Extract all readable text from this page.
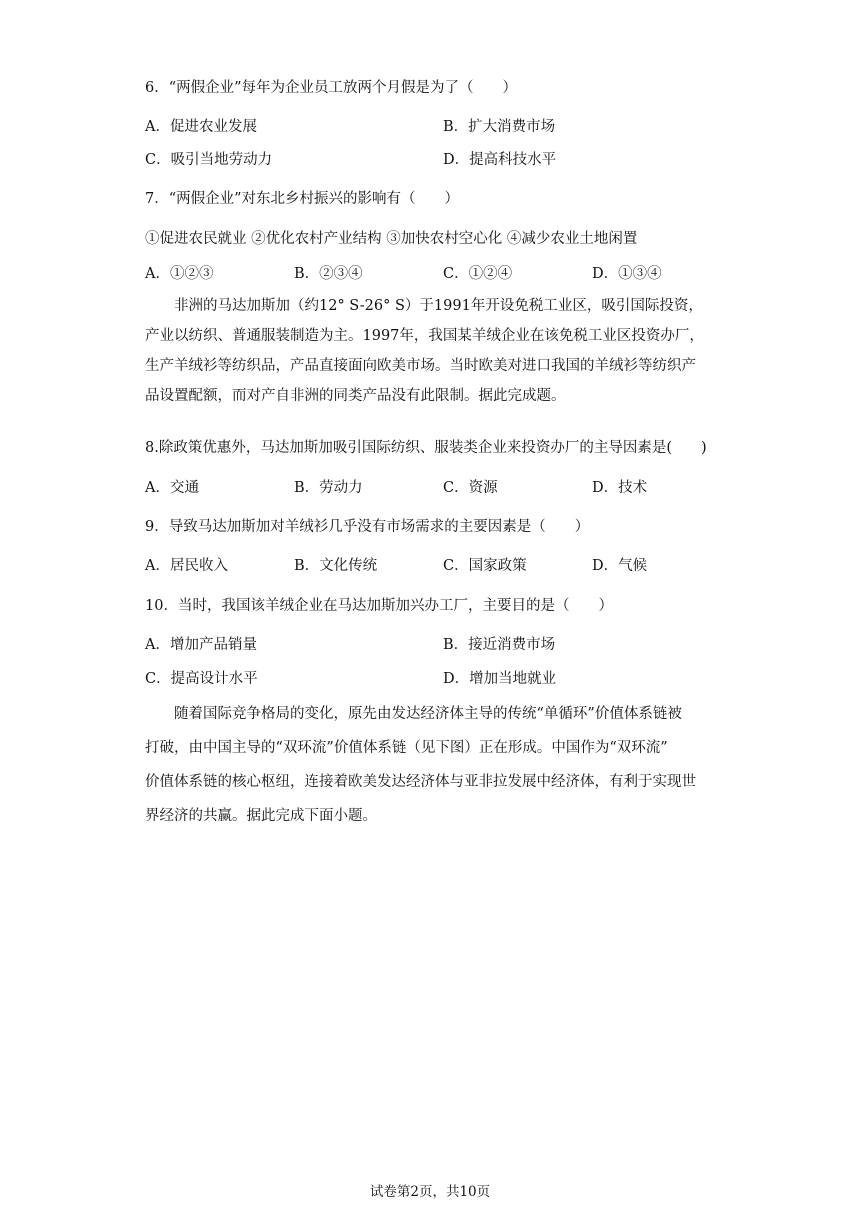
6．“两假企业”每年为企业员工放两个月假是为了（　　）
A．促进农业发展	B．扩大消费市场
C．吸引当地劳动力	D．提高科技水平
7．“两假企业”对东北乡村振兴的影响有（　　）
①促进农民就业 ②优化农村产业结构 ③加快农村空心化 ④减少农业土地闲置
A．①②③	B．②③④	C．①②④	D．①③④
非洲的马达加斯加（约12° S-26° S）于1991年开设免税工业区，吸引国际投资，
产业以纺织、普通服装制造为主。1997年，我国某羊绒企业在该免税工业区投资办厂，
生产羊绒衫等纺织品，产品直接面向欧美市场。当时欧美对进口我国的羊绒衫等纺织产
品设置配额，而对产自非洲的同类产品没有此限制。据此完成题。
8.除政策优惠外，马达加斯加吸引国际纺织、服装类企业来投资办厂的主导因素是(　　)
A．交通	B．劳动力	C．资源	D．技术
9．导致马达加斯加对羊绒衫几乎没有市场需求的主要因素是（　　）
A．居民收入	B．文化传统	C．国家政策	D．气候
10．当时，我国该羊绒企业在马达加斯加兴办工厂，主要目的是（　　）
A．增加产品销量	B．接近消费市场
C．提高设计水平	D．增加当地就业
随着国际竞争格局的变化，原先由发达经济体主导的传统“单循环”价值体系链被
打破，由中国主导的“双环流”价值体系链（见下图）正在形成。中国作为“双环流”
价值体系链的核心枢纽，连接着欧美发达经济体与亚非拉发展中经济体，有利于实现世
界经济的共赢。据此完成下面小题。
试卷第2页，共10页
